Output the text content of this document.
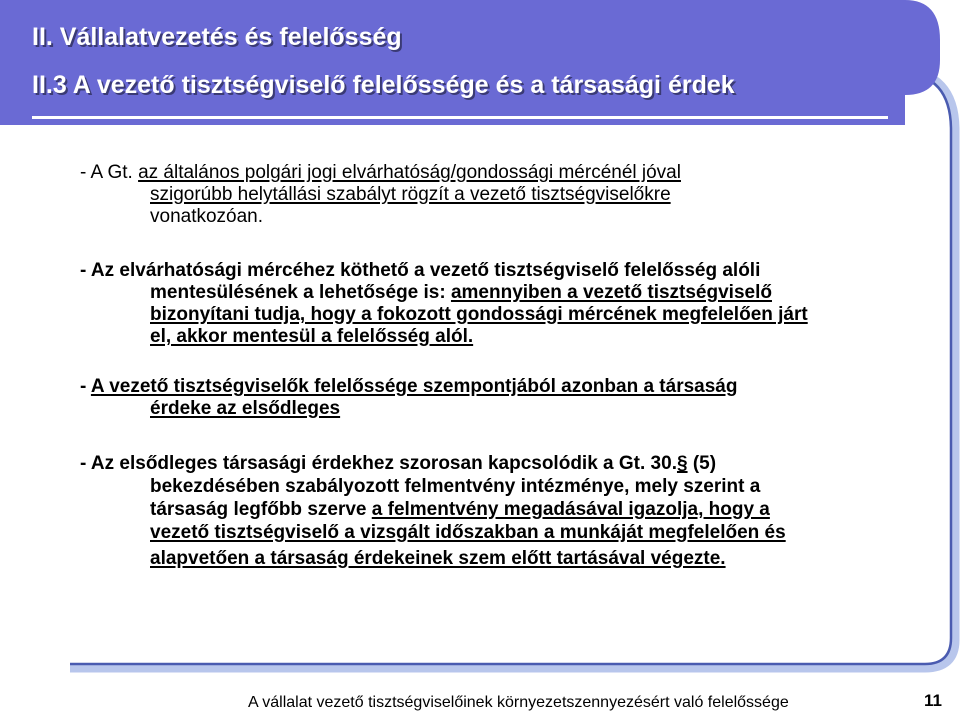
II. Vállalatvezetés és felelősség
II.3 A vezető tisztségviselő felelőssége és a társasági érdek
- A Gt. az általános polgári jogi elvárhatóság/gondossági mércénél jóval
szigorúbb helytállási szabályt rögzít a vezető tisztségviselőkre
vonatkozóan.
- Az elvárhatósági mércéhez köthető a vezető tisztségviselő felelősség alóli
mentesülésének a lehetősége is: amennyiben a vezető tisztségviselő
bizonyítani tudja, hogy a fokozott gondossági mércének megfelelően járt
el, akkor mentesül a felelősség alól.
- A vezető tisztségviselők felelőssége szempontjából azonban a társaság
érdeke az elsődleges
- Az elsődleges társasági érdekhez szorosan kapcsolódik a Gt. 30.§ (5)
bekezdésében szabályozott felmentvény intézménye, mely szerint a
társaság legfőbb szerve a felmentvény megadásával igazolja, hogy a
vezető tisztségviselő a vizsgált időszakban a munkáját megfelelően és
alapvetően a társaság érdekeinek szem előtt tartásával végezte.
A vállalat vezető tisztségviselőinek környezetszennyezésért való felelőssége	11
